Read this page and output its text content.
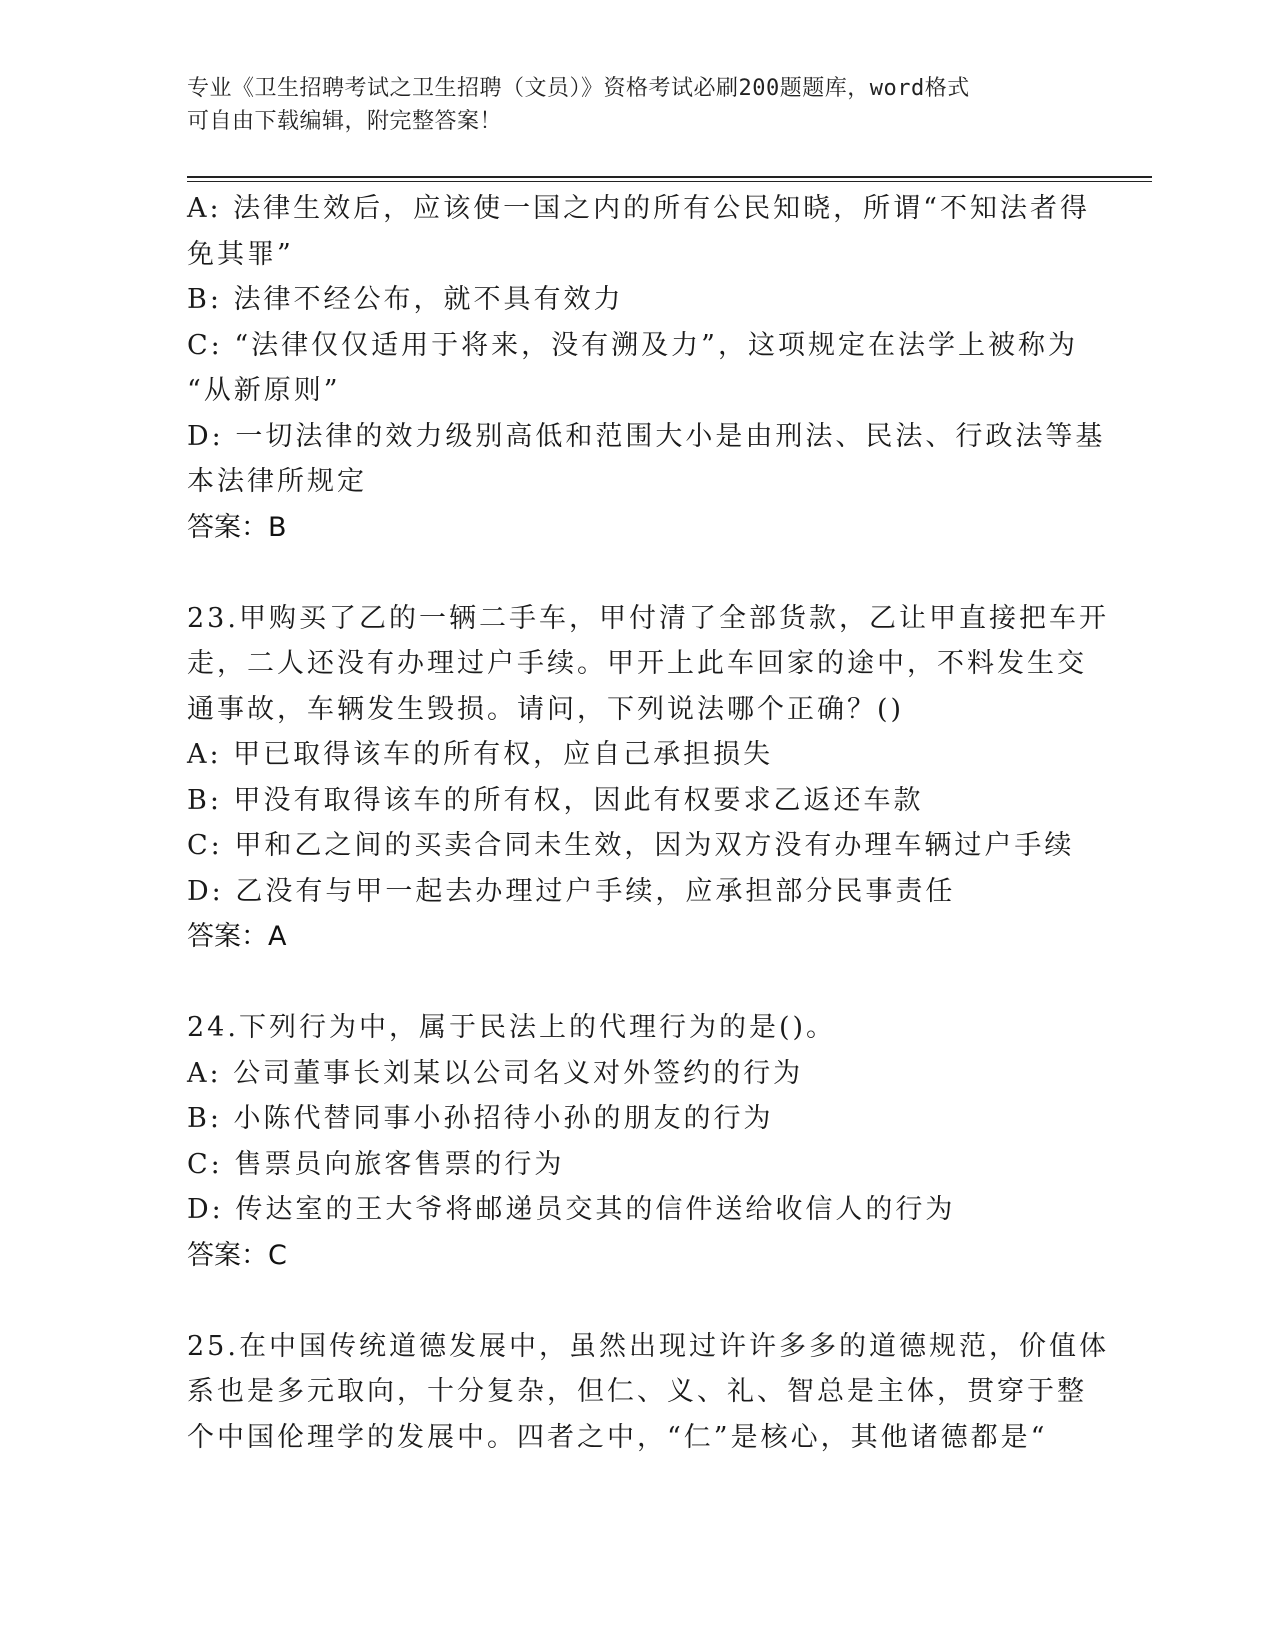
专业《卫生招聘考试之卫生招聘（文员）》资格考试必刷200题题库，word格式
可自由下载编辑，附完整答案！
A: 法律生效后，应该使一国之内的所有公民知晓，所谓“不知法者得
免其罪”
B: 法律不经公布，就不具有效力
C: “法律仅仅适用于将来，没有溯及力”，这项规定在法学上被称为
“从新原则”
D: 一切法律的效力级别高低和范围大小是由刑法、民法、行政法等基
本法律所规定
答案：B
23.甲购买了乙的一辆二手车，甲付清了全部货款，乙让甲直接把车开
走，二人还没有办理过户手续。甲开上此车回家的途中，不料发生交
通事故，车辆发生毁损。请问，下列说法哪个正确？()
A: 甲已取得该车的所有权，应自己承担损失
B: 甲没有取得该车的所有权，因此有权要求乙返还车款
C: 甲和乙之间的买卖合同未生效，因为双方没有办理车辆过户手续
D: 乙没有与甲一起去办理过户手续，应承担部分民事责任
答案：A
24.下列行为中，属于民法上的代理行为的是()。
A: 公司董事长刘某以公司名义对外签约的行为
B: 小陈代替同事小孙招待小孙的朋友的行为
C: 售票员向旅客售票的行为
D: 传达室的王大爷将邮递员交其的信件送给收信人的行为
答案：C
25.在中国传统道德发展中，虽然出现过许许多多的道德规范，价值体
系也是多元取向，十分复杂，但仁、义、礼、智总是主体，贯穿于整
个中国伦理学的发展中。四者之中，“仁”是核心，其他诸德都是“
